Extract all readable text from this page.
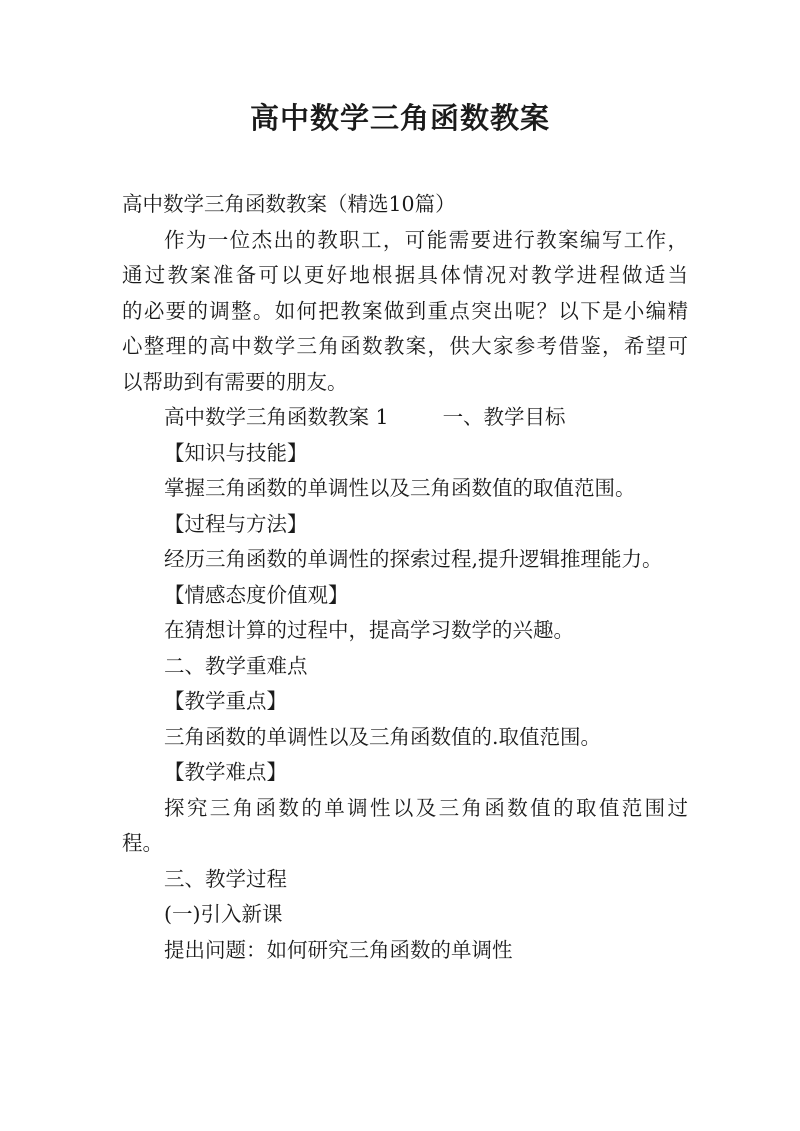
高中数学三角函数教案

高中数学三角函数教案（精选10篇）

作为一位杰出的教职工，可能需要进行教案编写工作，

通过教案准备可以更好地根据具体情况对教学进程做适当

的必要的调整。如何把教案做到重点突出呢？以下是小编精

心整理的高中数学三角函数教案，供大家参考借鉴，希望可

以帮助到有需要的朋友。

高中数学三角函数教案 1	一、教学目标

【知识与技能】

掌握三角函数的单调性以及三角函数值的取值范围。

【过程与方法】

经历三角函数的单调性的探索过程,提升逻辑推理能力。

【情感态度价值观】

在猜想计算的过程中，提高学习数学的兴趣。

二、教学重难点

【教学重点】

三角函数的单调性以及三角函数值的.取值范围。

【教学难点】

探究三角函数的单调性以及三角函数值的取值范围过

程。

三、教学过程

(一)引入新课

提出问题：如何研究三角函数的单调性
